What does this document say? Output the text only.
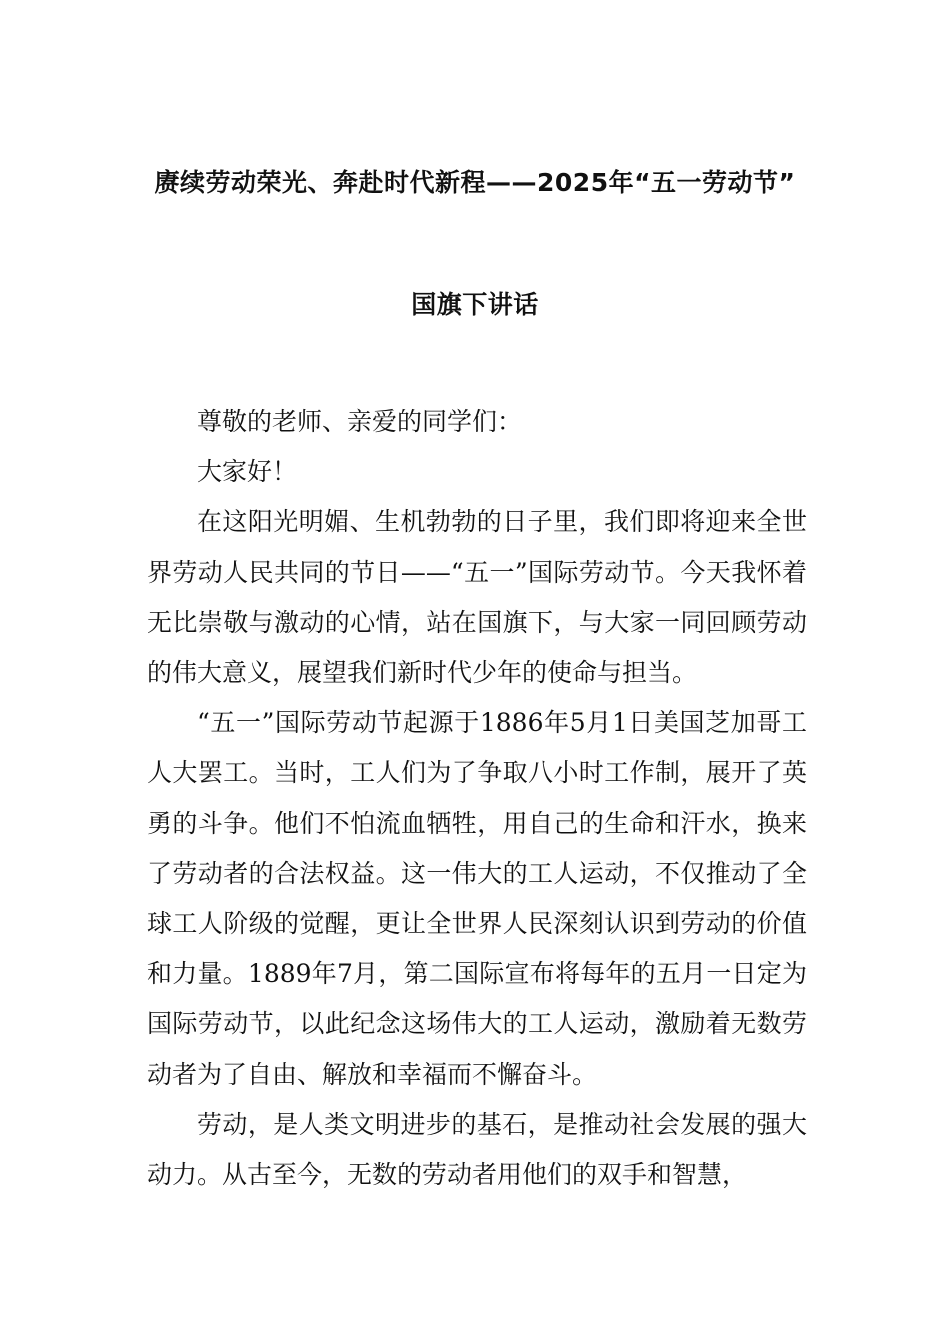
赓续劳动荣光、奔赴时代新程——2025年“五一劳动节”
国旗下讲话

尊敬的老师、亲爱的同学们：

大家好！

在这阳光明媚、生机勃勃的日子里，我们即将迎来全世界劳动人民共同的节日——“五一”国际劳动节。今天我怀着无比崇敬与激动的心情，站在国旗下，与大家一同回顾劳动的伟大意义，展望我们新时代少年的使命与担当。

“五一”国际劳动节起源于1886年5月1日美国芝加哥工人大罢工。当时，工人们为了争取八小时工作制，展开了英勇的斗争。他们不怕流血牺牲，用自己的生命和汗水，换来了劳动者的合法权益。这一伟大的工人运动，不仅推动了全球工人阶级的觉醒，更让全世界人民深刻认识到劳动的价值和力量。1889年7月，第二国际宣布将每年的五月一日定为国际劳动节，以此纪念这场伟大的工人运动，激励着无数劳动者为了自由、解放和幸福而不懈奋斗。

劳动，是人类文明进步的基石，是推动社会发展的强大动力。从古至今，无数的劳动者用他们的双手和智慧，
